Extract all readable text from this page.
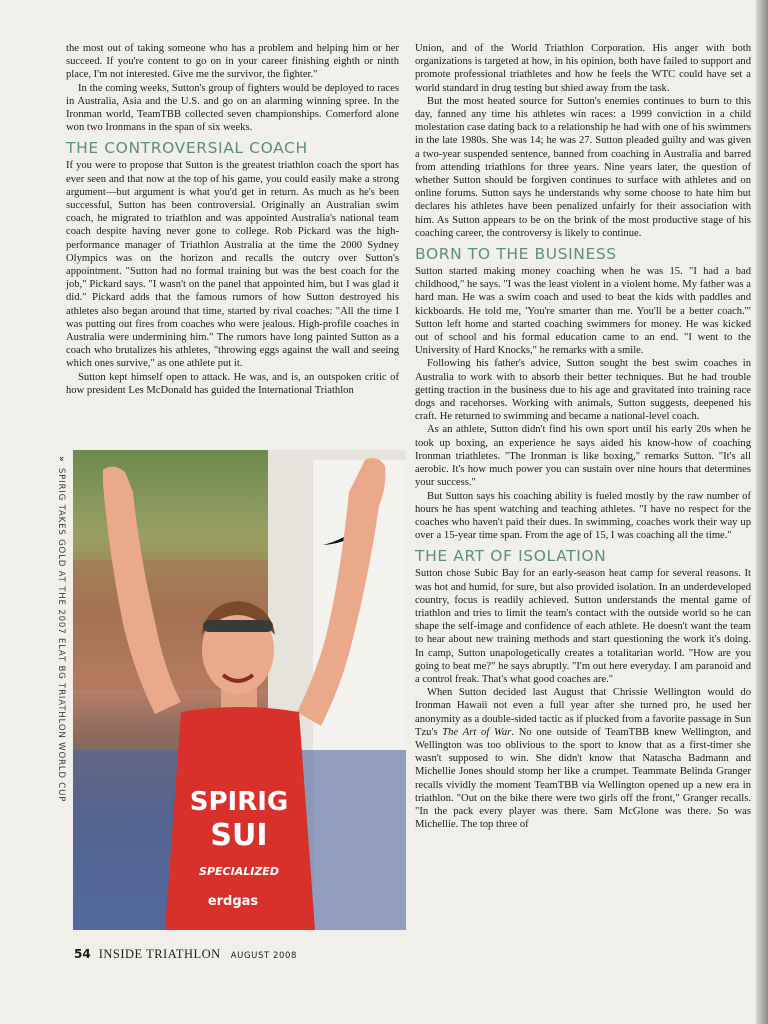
the most out of taking someone who has a problem and helping him or her succeed. If you're content to go on in your career finishing eighth or ninth place, I'm not interested. Give me the survivor, the fighter."

In the coming weeks, Sutton's group of fighters would be deployed to races in Australia, Asia and the U.S. and go on an alarming winning spree. In the Ironman world, TeamTBB collected seven championships. Comerford alone won two Ironmans in the span of six weeks.

THE CONTROVERSIAL COACH

If you were to propose that Sutton is the greatest triathlon coach the sport has ever seen and that now at the top of his game, you could easily make a strong argument—but argument is what you'd get in return. As much as he's been successful, Sutton has been controversial. Originally an Australian swim coach, he migrated to triathlon and was appointed Australia's national team coach despite having never gone to college. Rob Pickard was the high-performance manager of Triathlon Australia at the time the 2000 Sydney Olympics was on the horizon and recalls the outcry over Sutton's appointment. "Sutton had no formal training but was the best coach for the job," Pickard says. "I wasn't on the panel that appointed him, but I was glad it did." Pickard adds that the famous rumors of how Sutton destroyed his athletes also began around that time, started by rival coaches: "All the time I was putting out fires from coaches who were jealous. High-profile coaches in Australia were undermining him." The rumors have long painted Sutton as a coach who brutalizes his athletes, "throwing eggs against the wall and seeing which ones survive," as one athlete put it.

Sutton kept himself open to attack. He was, and is, an outspoken critic of how president Les McDonald has guided the International Triathlon

Union, and of the World Triathlon Corporation. His anger with both organizations is targeted at how, in his opinion, both have failed to support and promote professional triathletes and how he feels the WTC could have set a world standard in drug testing but shied away from the task.

But the most heated source for Sutton's enemies continues to burn to this day, fanned any time his athletes win races: a 1999 conviction in a child molestation case dating back to a relationship he had with one of his swimmers in the late 1980s. She was 14; he was 27. Sutton pleaded guilty and was given a two-year suspended sentence, banned from coaching in Australia and barred from attending triathlons for three years. Nine years later, the question of whether Sutton should be forgiven continues to surface with athletes and on online forums. Sutton says he understands why some choose to hate him but declares his athletes have been penalized unfairly for their association with him. As Sutton appears to be on the brink of the most productive stage of his coaching career, the controversy is likely to continue.

BORN TO THE BUSINESS

Sutton started making money coaching when he was 15. "I had a bad childhood," he says. "I was the least violent in a violent home. My father was a hard man. He was a swim coach and used to beat the kids with paddles and kickboards. He told me, 'You're smarter than me. You'll be a better coach.'" Sutton left home and started coaching swimmers for money. He was kicked out of school and his formal education came to an end. "I went to the University of Hard Knocks," he remarks with a smile.

Following his father's advice, Sutton sought the best swim coaches in Australia to work with to absorb their better techniques. But he had trouble getting traction in the business due to his age and gravitated into training race dogs and racehorses. Working with animals, Sutton suggests, deepened his craft. He returned to swimming and became a national-level coach.

As an athlete, Sutton didn't find his own sport until his early 20s when he took up boxing, an experience he says aided his know-how of coaching Ironman triathletes. "The Ironman is like boxing," remarks Sutton. "It's all aerobic. It's how much power you can sustain over nine hours that determines your success."

But Sutton says his coaching ability is fueled mostly by the raw number of hours he has spent watching and teaching athletes. "I have no respect for the coaches who haven't paid their dues. In swimming, coaches work their way up over a 15-year time span. From the age of 15, I was coaching all the time."

THE ART OF ISOLATION

Sutton chose Subic Bay for an early-season heat camp for several reasons. It was hot and humid, for sure, but also provided isolation. In an underdeveloped country, focus is readily achieved. Sutton understands the mental game of triathlon and tries to limit the team's contact with the outside world so he can shape the self-image and confidence of each athlete. He doesn't want the team to hear about new training methods and start questioning the work it's doing. In camp, Sutton unapologetically creates a totalitarian world. "How are you going to beat me?" he says abruptly. "I'm out here everyday. I am paranoid and a control freak. That's what good coaches are."

When Sutton decided last August that Chrissie Wellington would do Ironman Hawaii not even a full year after she turned pro, he used her anonymity as a double-sided tactic as if plucked from a favorite passage in Sun Tzu's The Art of War. No one outside of TeamTBB knew Wellington, and Wellington was too oblivious to the sport to know that as a first-timer she wasn't supposed to win. She didn't know that Natascha Badmann and Michellie Jones should stomp her like a crumpet. Teammate Belinda Granger recalls vividly the moment TeamTBB via Wellington opened up a new era in triathlon. "Out on the bike there were two girls off the front," Granger recalls. "In the pack every player was there. Sam McGlone was there. So was Michellie. The top three of

» SPIRIG TAKES GOLD AT THE 2007 ELAT BG TRIATHLON WORLD CUP	SPIRIG
SUI
SPECIALIZED
erdgas
54 INSIDE TRIATHLON AUGUST 2008
